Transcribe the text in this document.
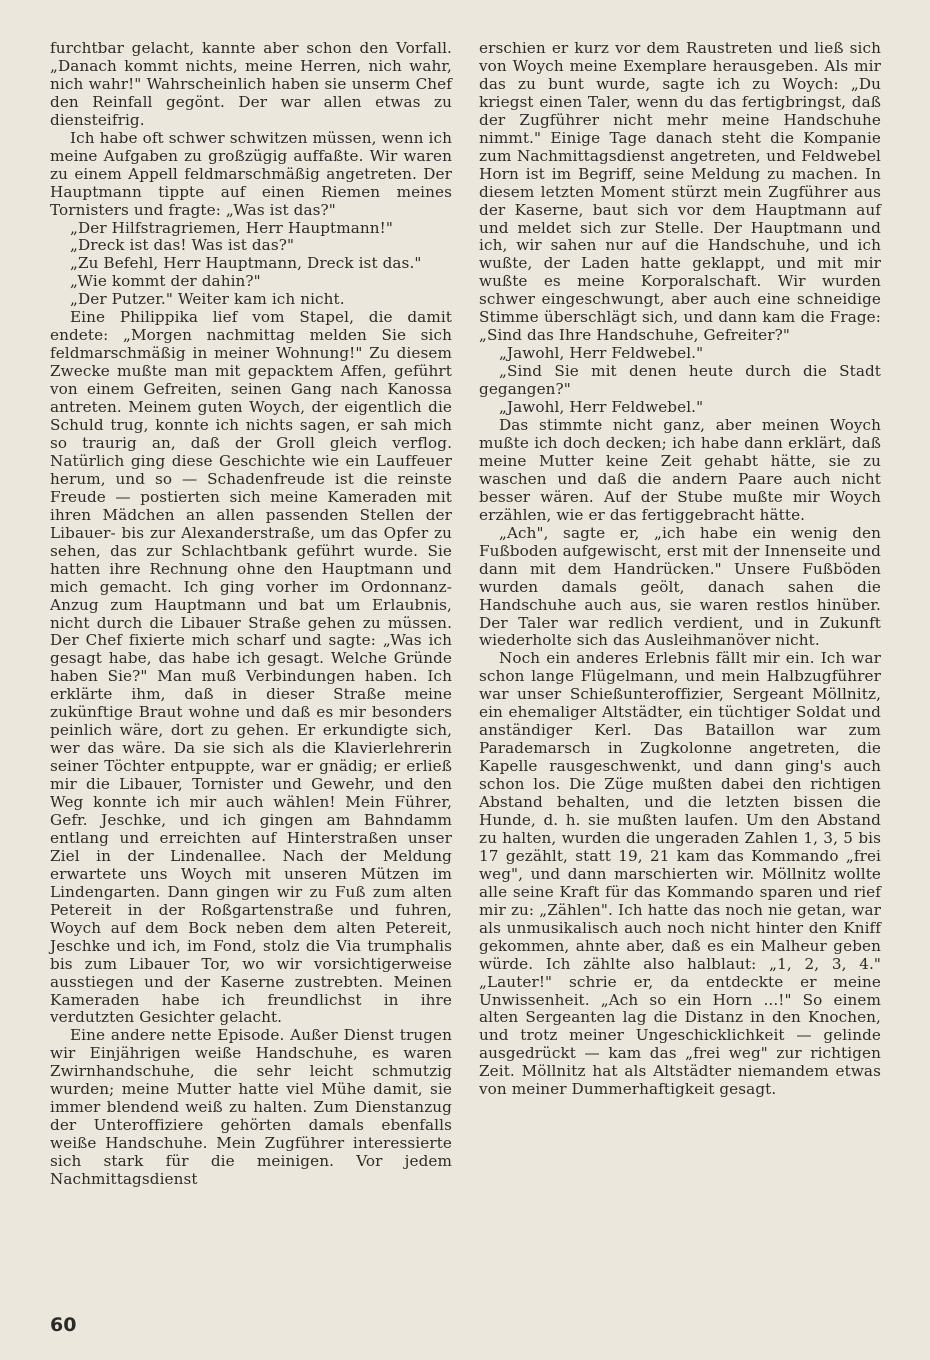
furchtbar gelacht, kannte aber schon den Vorfall. „Danach kommt nichts, meine Herren, nich wahr, nich wahr!" Wahrscheinlich haben sie unserm Chef den Reinfall gegönt. Der war allen etwas zu diensteifrig.

Ich habe oft schwer schwitzen müssen, wenn ich meine Aufgaben zu großzügig auffaßte. Wir waren zu einem Appell feldmarschmäßig angetreten. Der Hauptmann tippte auf einen Riemen meines Tornisters und fragte: „Was ist das?"

„Der Hilfstragriemen, Herr Hauptmann!"

„Dreck ist das! Was ist das?"

„Zu Befehl, Herr Hauptmann, Dreck ist das."

„Wie kommt der dahin?"

„Der Putzer." Weiter kam ich nicht.

Eine Philippika lief vom Stapel, die damit endete: „Morgen nachmittag melden Sie sich feldmarschmäßig in meiner Wohnung!" Zu diesem Zwecke mußte man mit gepacktem Affen, geführt von einem Gefreiten, seinen Gang nach Kanossa antreten. Meinem guten Woych, der eigentlich die Schuld trug, konnte ich nichts sagen, er sah mich so traurig an, daß der Groll gleich verflog. Natürlich ging diese Geschichte wie ein Lauffeuer herum, und so — Schadenfreude ist die reinste Freude — postierten sich meine Kameraden mit ihren Mädchen an allen passenden Stellen der Libauer- bis zur Alexanderstraße, um das Opfer zu sehen, das zur Schlachtbank geführt wurde. Sie hatten ihre Rechnung ohne den Hauptmann und mich gemacht. Ich ging vorher im Ordonnanz-Anzug zum Hauptmann und bat um Erlaubnis, nicht durch die Libauer Straße gehen zu müssen. Der Chef fixierte mich scharf und sagte: „Was ich gesagt habe, das habe ich gesagt. Welche Gründe haben Sie?" Man muß Verbindungen haben. Ich erklärte ihm, daß in dieser Straße meine zukünftige Braut wohne und daß es mir besonders peinlich wäre, dort zu gehen. Er erkundigte sich, wer das wäre. Da sie sich als die Klavierlehrerin seiner Töchter entpuppte, war er gnädig; er erließ mir die Libauer, Tornister und Gewehr, und den Weg konnte ich mir auch wählen! Mein Führer, Gefr. Jeschke, und ich gingen am Bahndamm entlang und erreichten auf Hinterstraßen unser Ziel in der Lindenallee. Nach der Meldung erwartete uns Woych mit unseren Mützen im Lindengarten. Dann gingen wir zu Fuß zum alten Petereit in der Roßgartenstraße und fuhren, Woych auf dem Bock neben dem alten Petereit, Jeschke und ich, im Fond, stolz die Via trumphalis bis zum Libauer Tor, wo wir vorsichtigerweise ausstiegen und der Kaserne zustrebten. Meinen Kameraden habe ich freundlichst in ihre verdutzten Gesichter gelacht.

Eine andere nette Episode. Außer Dienst trugen wir Einjährigen weiße Handschuhe, es waren Zwirnhandschuhe, die sehr leicht schmutzig wurden; meine Mutter hatte viel Mühe damit, sie immer blendend weiß zu halten. Zum Dienstanzug der Unteroffiziere gehörten damals ebenfalls weiße Handschuhe. Mein Zugführer interessierte sich stark für die meinigen. Vor jedem Nachmittagsdienst

erschien er kurz vor dem Raustreten und ließ sich von Woych meine Exemplare herausgeben. Als mir das zu bunt wurde, sagte ich zu Woych: „Du kriegst einen Taler, wenn du das fertigbringst, daß der Zugführer nicht mehr meine Handschuhe nimmt." Einige Tage danach steht die Kompanie zum Nachmittagsdienst angetreten, und Feldwebel Horn ist im Begriff, seine Meldung zu machen. In diesem letzten Moment stürzt mein Zugführer aus der Kaserne, baut sich vor dem Hauptmann auf und meldet sich zur Stelle. Der Hauptmann und ich, wir sahen nur auf die Handschuhe, und ich wußte, der Laden hatte geklappt, und mit mir wußte es meine Korporalschaft. Wir wurden schwer eingeschwungt, aber auch eine schneidige Stimme überschlägt sich, und dann kam die Frage: „Sind das Ihre Handschuhe, Gefreiter?"

„Jawohl, Herr Feldwebel."

„Sind Sie mit denen heute durch die Stadt gegangen?"

„Jawohl, Herr Feldwebel."

Das stimmte nicht ganz, aber meinen Woych mußte ich doch decken; ich habe dann erklärt, daß meine Mutter keine Zeit gehabt hätte, sie zu waschen und daß die andern Paare auch nicht besser wären. Auf der Stube mußte mir Woych erzählen, wie er das fertiggebracht hätte.

„Ach", sagte er, „ich habe ein wenig den Fußboden aufgewischt, erst mit der Innenseite und dann mit dem Handrücken." Unsere Fußböden wurden damals geölt, danach sahen die Handschuhe auch aus, sie waren restlos hinüber. Der Taler war redlich verdient, und in Zukunft wiederholte sich das Ausleihmanöver nicht.

Noch ein anderes Erlebnis fällt mir ein. Ich war schon lange Flügelmann, und mein Halbzugführer war unser Schießunteroffizier, Sergeant Möllnitz, ein ehemaliger Altstädter, ein tüchtiger Soldat und anständiger Kerl. Das Bataillon war zum Parademarsch in Zugkolonne angetreten, die Kapelle rausgeschwenkt, und dann ging's auch schon los. Die Züge mußten dabei den richtigen Abstand behalten, und die letzten bissen die Hunde, d. h. sie mußten laufen. Um den Abstand zu halten, wurden die ungeraden Zahlen 1, 3, 5 bis 17 gezählt, statt 19, 21 kam das Kommando „frei weg", und dann marschierten wir. Möllnitz wollte alle seine Kraft für das Kommando sparen und rief mir zu: „Zählen". Ich hatte das noch nie getan, war als unmusikalisch auch noch nicht hinter den Kniff gekommen, ahnte aber, daß es ein Malheur geben würde. Ich zählte also halblaut: „1, 2, 3, 4." „Lauter!" schrie er, da entdeckte er meine Unwissenheit. „Ach so ein Horn ...!" So einem alten Sergeanten lag die Distanz in den Knochen, und trotz meiner Ungeschicklichkeit — gelinde ausgedrückt — kam das „frei weg" zur richtigen Zeit. Möllnitz hat als Altstädter niemandem etwas von meiner Dummerhaftigkeit gesagt.

60
